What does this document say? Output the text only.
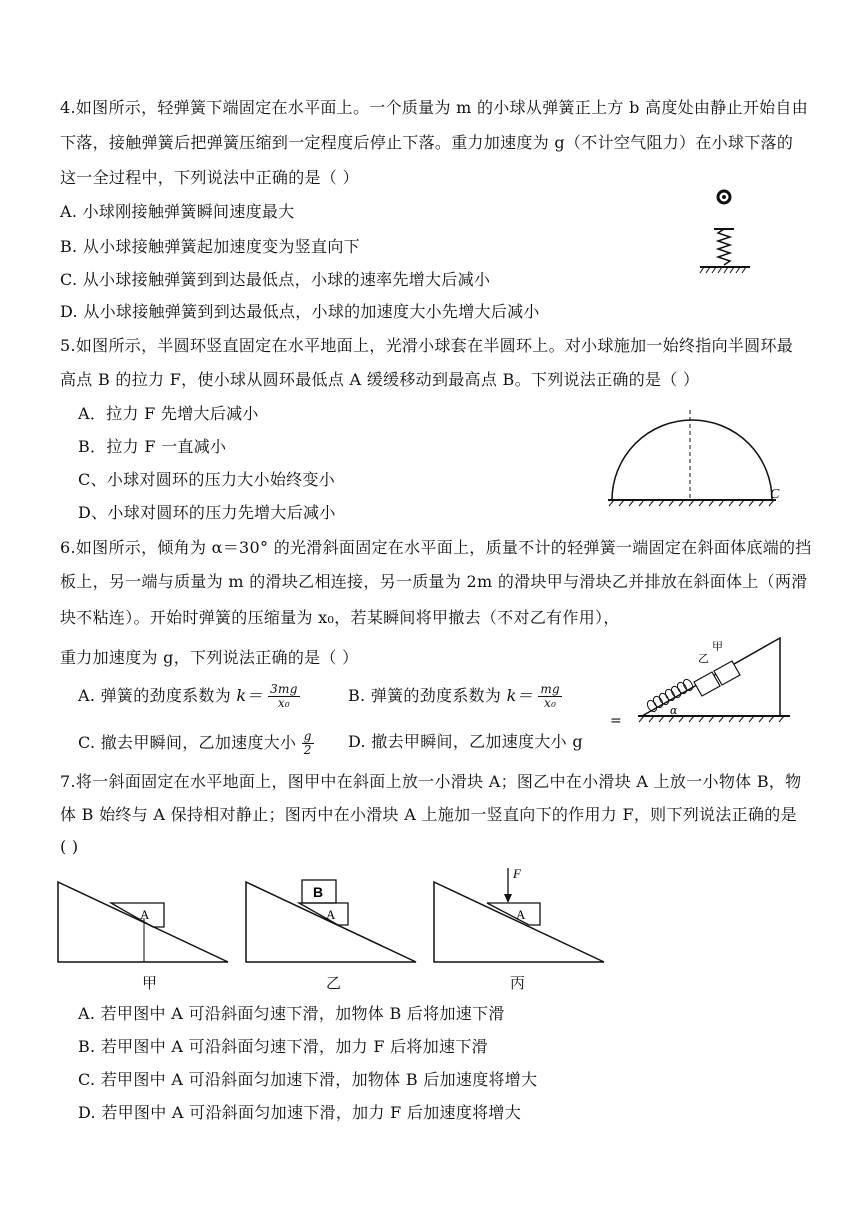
4.如图所示，轻弹簧下端固定在水平面上。一个质量为 m 的小球从弹簧正上方 b 高度处由静止开始自由
下落，接触弹簧后把弹簧压缩到一定程度后停止下落。重力加速度为 g（不计空气阻力）在小球下落的
这一全过程中，下列说法中正确的是（ ）
A. 小球刚接触弹簧瞬间速度最大
B. 从小球接触弹簧起加速度变为竖直向下
C. 从小球接触弹簧到到达最低点，小球的速率先增大后减小
D. 从小球接触弹簧到到达最低点，小球的加速度大小先增大后减小
5.如图所示，半圆环竖直固定在水平地面上，光滑小球套在半圆环上。对小球施加一始终指向半圆环最
高点 B 的拉力 F，使小球从圆环最低点 A 缓缓移动到最高点 B。下列说法正确的是（ ）
A．拉力 F 先增大后减小
B．拉力 F 一直减小
C、小球对圆环的压力大小始终变小
D、小球对圆环的压力先增大后减小
C
6.如图所示，倾角为 α＝30° 的光滑斜面固定在水平面上，质量不计的轻弹簧一端固定在斜面体底端的挡
板上，另一端与质量为 m 的滑块乙相连接，另一质量为 2m 的滑块甲与滑块乙并排放在斜面体上（两滑
块不粘连）。开始时弹簧的压缩量为 x₀，若某瞬间将甲撤去（不对乙有作用），
重力加速度为 g，下列说法正确的是（ ）
A. 弹簧的劲度系数为 $k= \frac{3mg}{\text{x₀}}$	B. 弹簧的劲度系数为 $k= \frac{mg}{\text{x₀}}$
C. 撤去甲瞬间，乙加速度大小 $\frac{g}{2} D$. 撤去甲瞬间，乙加速度大小 g
乙
甲
α
=
7.将一斜面固定在水平地面上，图甲中在斜面上放一小滑块 A；图乙中在小滑块 A 上放一小物体 B，物
体 B 始终与 A 保持相对静止；图丙中在小滑块 A 上施加一竖直向下的作用力 F，则下列说法正确的是
( )
A
甲
B
A
乙
A
F
丙
A. 若甲图中 A 可沿斜面匀速下滑，加物体 B 后将加速下滑
B. 若甲图中 A 可沿斜面匀速下滑，加力 F 后将加速下滑
C. 若甲图中 A 可沿斜面匀加速下滑，加物体 B 后加速度将增大
D. 若甲图中 A 可沿斜面匀加速下滑，加力 F 后加速度将增大
